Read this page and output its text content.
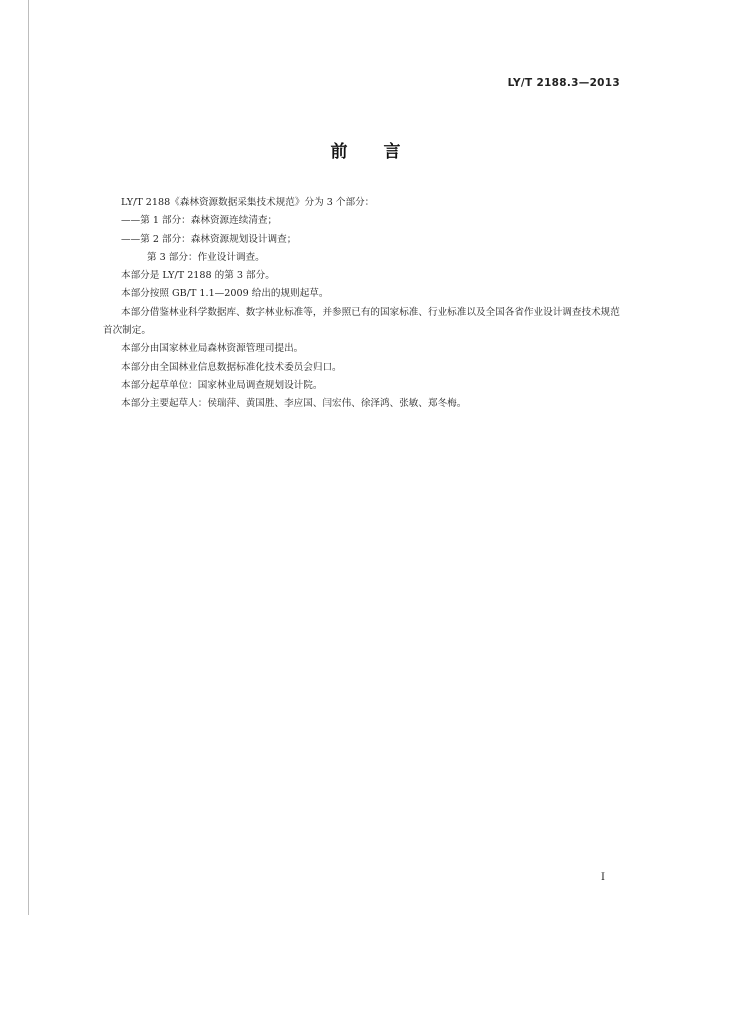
LY/T 2188.3—2013
前言

LY/T 2188《森林资源数据采集技术规范》分为 3 个部分：

——第 1 部分：森林资源连续清查；

——第 2 部分：森林资源规划设计调查；

第 3 部分：作业设计调查。

本部分是 LY/T 2188 的第 3 部分。

本部分按照 GB/T 1.1—2009 给出的规则起草。

本部分借鉴林业科学数据库、数字林业标准等，并参照已有的国家标准、行业标准以及全国各省作业设计调查技术规范首次制定。

本部分由国家林业局森林资源管理司提出。

本部分由全国林业信息数据标准化技术委员会归口。

本部分起草单位：国家林业局调查规划设计院。

本部分主要起草人：侯瑞萍、黄国胜、李应国、闫宏伟、徐泽鸿、张敏、郑冬梅。

I
